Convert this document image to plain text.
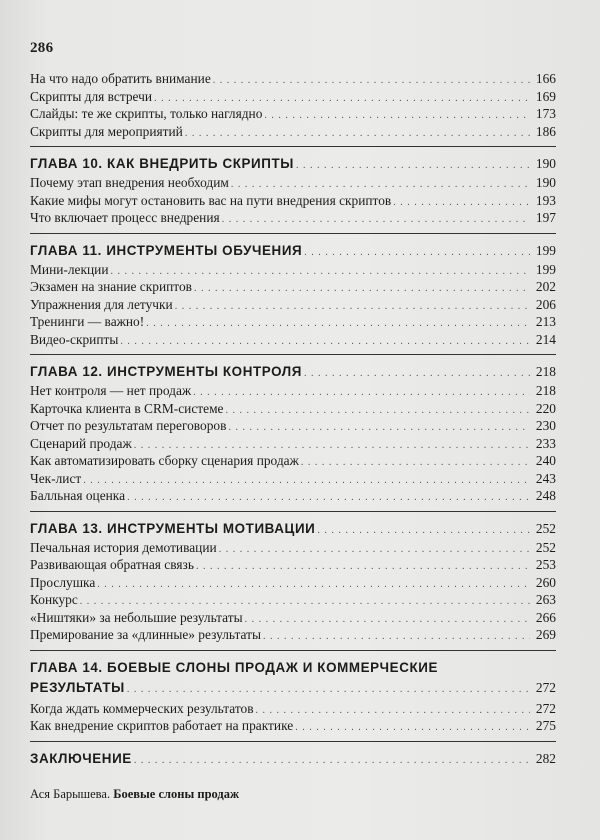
286
На что надо обратить внимание . . .	166
Скрипты для встречи . . .	169
Слайды: те же скрипты, только наглядно . . .	173
Скрипты для мероприятий . . .	186
ГЛАВА 10. КАК ВНЕДРИТЬ СКРИПТЫ . . .	190
Почему этап внедрения необходим . . .	190
Какие мифы могут остановить вас на пути внедрения скриптов . . .	193
Что включает процесс внедрения . . .	197
ГЛАВА 11. ИНСТРУМЕНТЫ ОБУЧЕНИЯ . . .	199
Мини-лекции . . .	199
Экзамен на знание скриптов . . .	202
Упражнения для летучки . . .	206
Тренинги — важно! . . .	213
Видео-скрипты . . .	214
ГЛАВА 12. ИНСТРУМЕНТЫ КОНТРОЛЯ . . .	218
Нет контроля — нет продаж . . .	218
Карточка клиента в CRM-системе . . .	220
Отчет по результатам переговоров . . .	230
Сценарий продаж . . .	233
Как автоматизировать сборку сценария продаж . . .	240
Чек-лист . . .	243
Балльная оценка . . .	248
ГЛАВА 13. ИНСТРУМЕНТЫ МОТИВАЦИИ . . .	252
Печальная история демотивации . . .	252
Развивающая обратная связь . . .	253
Прослушка . . .	260
Конкурс . . .	263
«Ништяки» за небольшие результаты . . .	266
Премирование за «длинные» результаты . . .	269
ГЛАВА 14. БОЕВЫЕ СЛОНЫ ПРОДАЖ И КОММЕРЧЕСКИЕ
РЕЗУЛЬТАТЫ . . .	272
Когда ждать коммерческих результатов . . .	272
Как внедрение скриптов работает на практике . . .	275
ЗАКЛЮЧЕНИЕ . . .	282
Ася Барышева. Боевые слоны продаж
